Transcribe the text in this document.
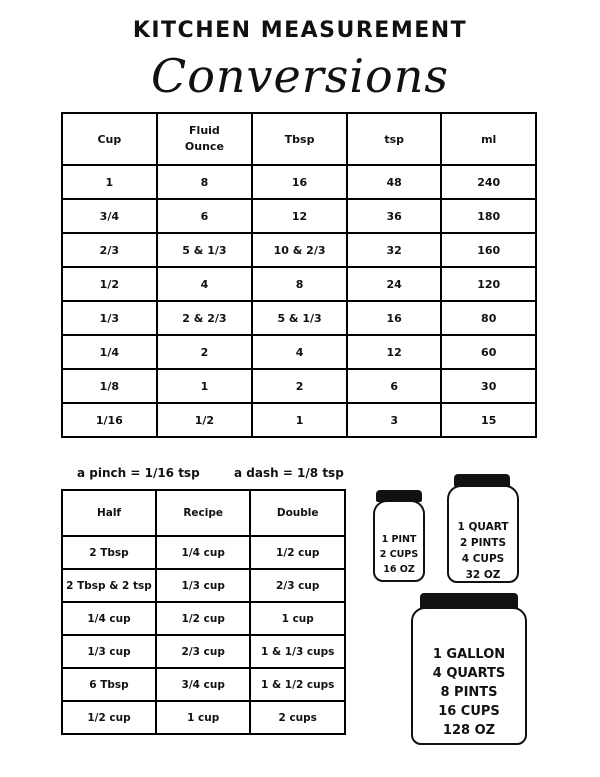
KITCHEN MEASUREMENT
Conversions
Cup	Fluid Ounce	Tbsp	tsp	ml
1	8	16	48	240
3/4	6	12	36	180
2/3	5 & 1/3	10 & 2/3	32	160
1/2	4	8	24	120
1/3	2 & 2/3	5 & 1/3	16	80
1/4	2	4	12	60
1/8	1	2	6	30
1/16	1/2	1	3	15
a pinch = 1/16 tsp	a dash = 1/8 tsp
Half	Recipe	Double
2 Tbsp	1/4 cup	1/2 cup
2 Tbsp & 2 tsp	1/3 cup	2/3 cup
1/4 cup	1/2 cup	1 cup
1/3 cup	2/3 cup	1 & 1/3 cups
6 Tbsp	3/4 cup	1 & 1/2 cups
1/2 cup	1 cup	2 cups
1 PINT
2 CUPS
16 OZ
1 QUART
2 PINTS
4 CUPS
32 OZ
1 GALLON
4 QUARTS
8 PINTS
16 CUPS
128 OZ
